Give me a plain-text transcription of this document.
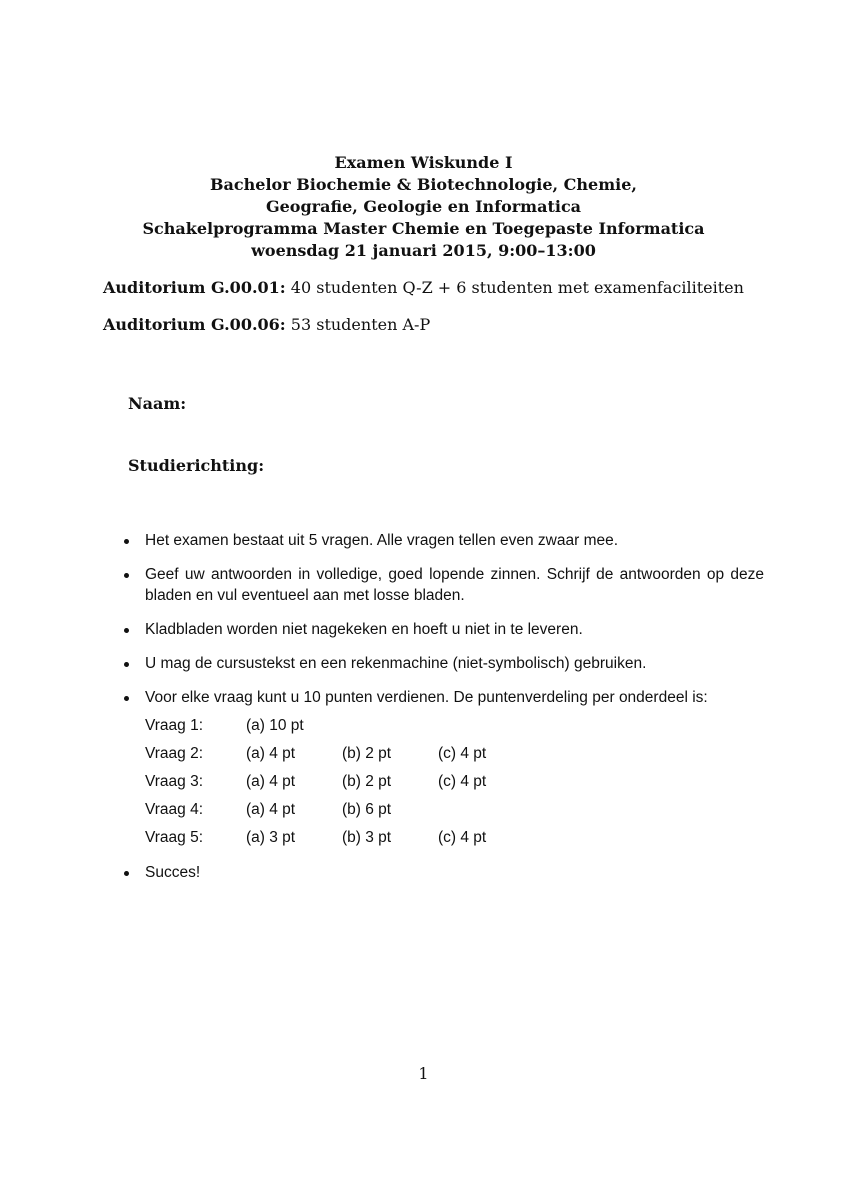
Examen Wiskunde I
Bachelor Biochemie & Biotechnologie, Chemie,
Geografie, Geologie en Informatica
Schakelprogramma Master Chemie en Toegepaste Informatica
woensdag 21 januari 2015, 9:00–13:00
Auditorium G.00.01: 40 studenten Q-Z + 6 studenten met examenfaciliteiten
Auditorium G.00.06: 53 studenten A-P
Naam:
Studierichting:
Het examen bestaat uit 5 vragen. Alle vragen tellen even zwaar mee.
Geef uw antwoorden in volledige, goed lopende zinnen. Schrijf de antwoorden op deze bladen en vul eventueel aan met losse bladen.
Kladbladen worden niet nagekeken en hoeft u niet in te leveren.
U mag de cursustekst en een rekenmachine (niet-symbolisch) gebruiken.
Voor elke vraag kunt u 10 punten verdienen. De puntenverdeling per onderdeel is:
Vraag 1:	(a) 10 pt
Vraag 2:	(a) 4 pt	(b) 2 pt	(c) 4 pt
Vraag 3:	(a) 4 pt	(b) 2 pt	(c) 4 pt
Vraag 4:	(a) 4 pt	(b) 6 pt
Vraag 5:	(a) 3 pt	(b) 3 pt	(c) 4 pt
Succes!
1
